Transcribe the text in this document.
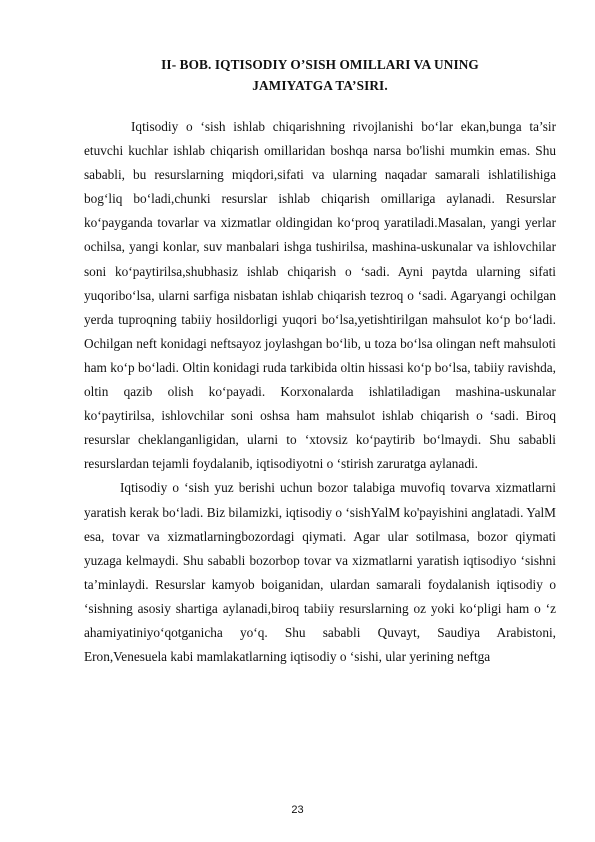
II- BOB. IQTISODIY O’SISH OMILLARI VA UNING
JAMIYATGA TA’SIRI.

Iqtisodiy o ‘sish ishlab chiqarishning rivojlanishi bo‘lar ekan,bunga ta’sir etuvchi kuchlar ishlab chiqarish omillaridan boshqa narsa bo'lishi mumkin emas. Shu sababli, bu resurslarning miqdori,sifati va ularning naqadar samarali ishlatilishiga bog‘liq bo‘ladi,chunki resurslar ishlab chiqarish omillariga aylanadi. Resurslar ko‘payganda tovarlar va xizmatlar oldingidan ko‘proq yaratiladi.Masalan, yangi yerlar ochilsa, yangi konlar, suv manbalari ishga tushirilsa, mashina-uskunalar va ishlovchilar soni ko‘paytirilsa,shubhasiz ishlab chiqarish o ‘sadi. Ayni paytda ularning sifati yuqoribo‘lsa, ularni sarfiga nisbatan ishlab chiqarish tezroq o ‘sadi. Agaryangi ochilgan yerda tuproqning tabiiy hosildorligi yuqori bo‘lsa,yetishtirilgan mahsulot ko‘p bo‘ladi. Ochilgan neft konidagi neftsayoz joylashgan bo‘lib, u toza bo‘lsa olingan neft mahsuloti ham ko‘p bo‘ladi. Oltin konidagi ruda tarkibida oltin hissasi ko‘p bo‘lsa, tabiiy ravishda, oltin qazib olish ko‘payadi. Korxonalarda ishlatiladigan mashina-uskunalar ko‘paytirilsa, ishlovchilar soni oshsa ham mahsulot ishlab chiqarish o ‘sadi. Biroq resurslar cheklanganligidan, ularni to ‘xtovsiz ko‘paytirib bo‘lmaydi. Shu sababli resurslardan tejamli foydalanib, iqtisodiyotni o ‘stirish zaruratga aylanadi.

Iqtisodiy o ‘sish yuz berishi uchun bozor talabiga muvofiq tovarva xizmatlarni yaratish kerak bo‘ladi. Biz bilamizki, iqtisodiy o ‘sishYalM ko'payishini anglatadi. YalM esa, tovar va xizmatlarningbozordagi qiymati. Agar ular sotilmasa, bozor qiymati yuzaga kelmaydi. Shu sababli bozorbop tovar va xizmatlarni yaratish iqtisodiyo ‘sishni ta’minlaydi. Resurslar kamyob boiganidan, ulardan samarali foydalanish iqtisodiy o ‘sishning asosiy shartiga aylanadi,biroq tabiiy resurslarning oz yoki ko‘pligi ham o ‘z ahamiyatiniyo‘qotganicha yo‘q. Shu sababli Quvayt, Saudiya Arabistoni, Eron,Venesuela kabi mamlakatlarning iqtisodiy o ‘sishi, ular yerining neftga

23
